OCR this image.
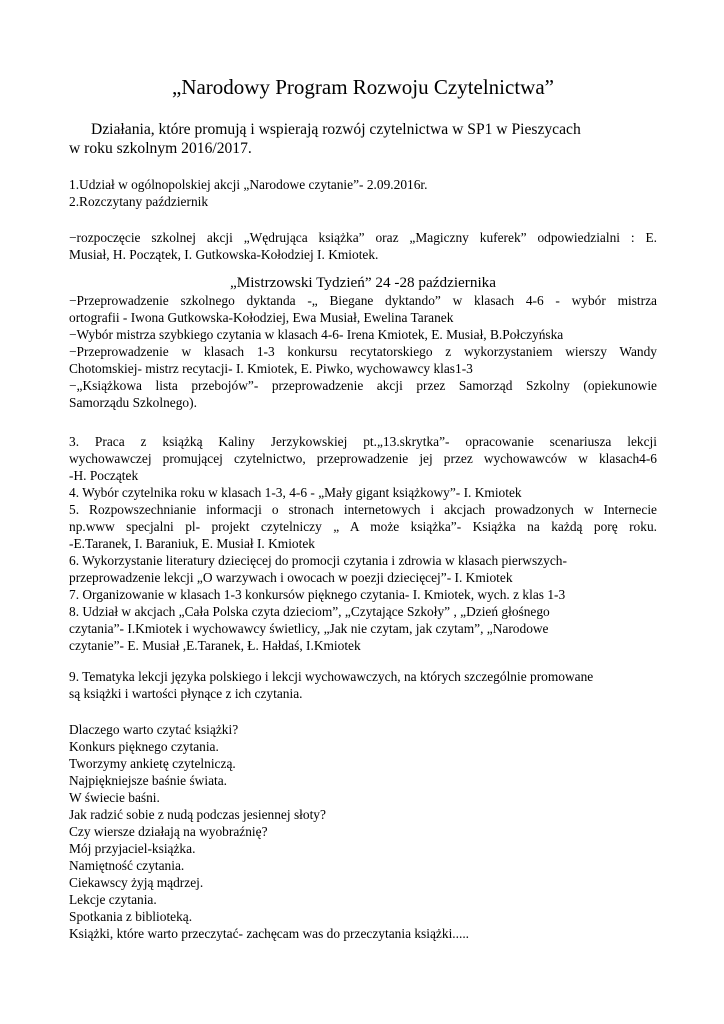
„Narodowy Program Rozwoju Czytelnictwa”
Działania, które promują i wspierają rozwój czytelnictwa w SP1 w Pieszycach
w roku szkolnym 2016/2017.
1.Udział w ogólnopolskiej akcji „Narodowe czytanie”- 2.09.2016r.
2.Rozczytany październik
−rozpoczęcie szkolnej akcji „Wędrująca książka” oraz „Magiczny kuferek” odpowiedzialni : E.
Musiał, H. Początek, I. Gutkowska-Kołodziej I. Kmiotek.
„Mistrzowski Tydzień” 24 -28 października
−Przeprowadzenie szkolnego dyktanda -„ Biegane dyktando” w klasach 4-6 - wybór mistrza
ortografii - Iwona Gutkowska-Kołodziej, Ewa Musiał, Ewelina Taranek
−Wybór mistrza szybkiego czytania w klasach 4-6- Irena Kmiotek, E. Musiał, B.Połczyńska
−Przeprowadzenie w klasach 1-3 konkursu recytatorskiego z wykorzystaniem wierszy Wandy
Chotomskiej- mistrz recytacji- I. Kmiotek, E. Piwko, wychowawcy klas1-3
−„Książkowa lista przebojów”- przeprowadzenie akcji przez Samorząd Szkolny (opiekunowie
Samorządu Szkolnego).
3. Praca z książką Kaliny Jerzykowskiej pt.„13.skrytka”- opracowanie scenariusza lekcji
wychowawczej promującej czytelnictwo, przeprowadzenie jej przez wychowawców w klasach4-6
-H. Początek
4. Wybór czytelnika roku w klasach 1-3, 4-6 - „Mały gigant książkowy”- I. Kmiotek
5. Rozpowszechnianie informacji o stronach internetowych i akcjach prowadzonych w Internecie
np.www specjalni pl- projekt czytelniczy „ A może książka”- Książka na każdą porę roku.
-E.Taranek, I. Baraniuk, E. Musiał I. Kmiotek
6. Wykorzystanie literatury dziecięcej do promocji czytania i zdrowia w klasach pierwszych-
przeprowadzenie lekcji „O warzywach i owocach w poezji dziecięcej”- I. Kmiotek
7. Organizowanie w klasach 1-3 konkursów pięknego czytania- I. Kmiotek, wych. z klas 1-3
8. Udział w akcjach „Cała Polska czyta dzieciom”, „Czytające Szkoły” , „Dzień głośnego
czytania”- I.Kmiotek i wychowawcy świetlicy, „Jak nie czytam, jak czytam”, „Narodowe
czytanie”- E. Musiał ,E.Taranek, Ł. Hałdaś, I.Kmiotek
9. Tematyka lekcji języka polskiego i lekcji wychowawczych, na których szczególnie promowane
są książki i wartości płynące z ich czytania.
Dlaczego warto czytać książki?
Konkurs pięknego czytania.
Tworzymy ankietę czytelniczą.
Najpiękniejsze baśnie świata.
W świecie baśni.
Jak radzić sobie z nudą podczas jesiennej słoty?
Czy wiersze działają na wyobraźnię?
Mój przyjaciel-książka.
Namiętność czytania.
Ciekawscy żyją mądrzej.
Lekcje czytania.
Spotkania z biblioteką.
Książki, które warto przeczytać- zachęcam was do przeczytania książki.....
